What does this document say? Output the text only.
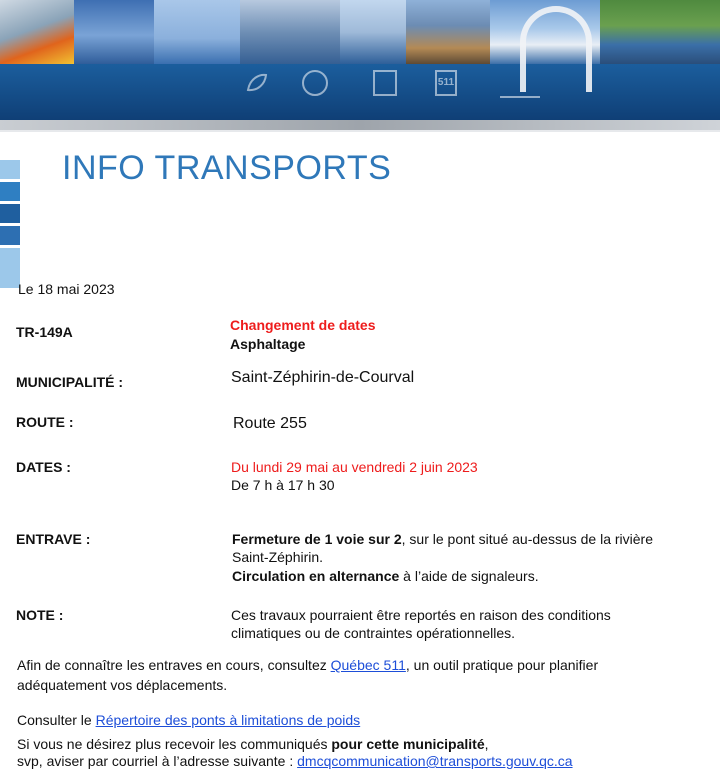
511
INFO TRANSPORTS
Le 18 mai 2023
TR-149A	Changement de dates
Asphaltage
MUNICIPALITÉ :	Saint-Zéphirin-de-Courval
ROUTE :	Route 255
DATES :	Du lundi 29 mai au vendredi 2 juin 2023
De 7 h à 17 h 30
ENTRAVE :	Fermeture de 1 voie sur 2, sur le pont situé au-dessus de la rivière
Saint-Zéphirin.
Circulation en alternance à l’aide de signaleurs.
NOTE :	Ces travaux pourraient être reportés en raison des conditions
climatiques ou de contraintes opérationnelles.
Afin de connaître les entraves en cours, consultez Québec 511, un outil pratique pour planifier
adéquatement vos déplacements.
Consulter le Répertoire des ponts à limitations de poids
Si vous ne désirez plus recevoir les communiqués pour cette municipalité,
svp, aviser par courriel à l’adresse suivante : dmcqcommunication@transports.gouv.qc.ca
